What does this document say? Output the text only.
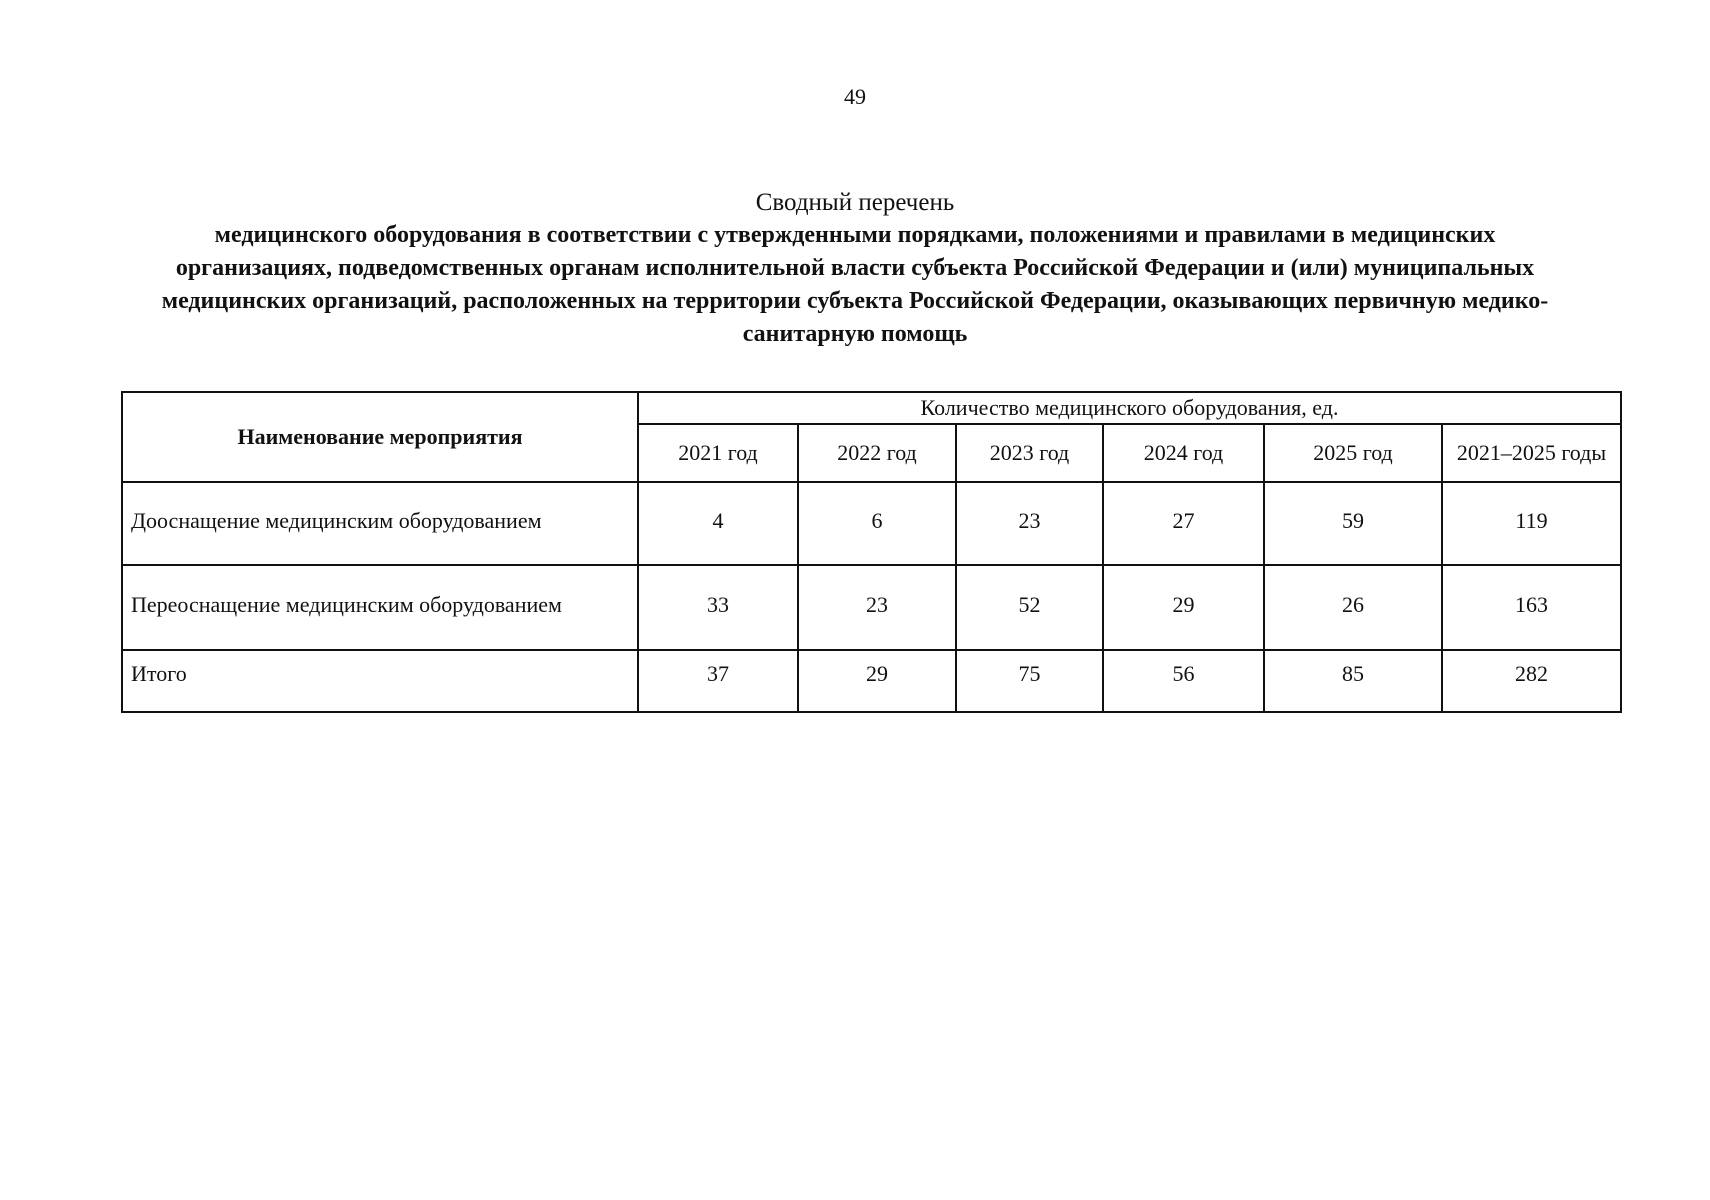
49
Сводный перечень
медицинского оборудования в соответствии с утвержденными порядками, положениями и правилами в медицинских организациях, подведомственных органам исполнительной власти субъекта Российской Федерации и (или) муниципальных медицинских организаций, расположенных на территории субъекта Российской Федерации, оказывающих первичную медико-санитарную помощь
Наименование мероприятия	Количество медицинского оборудования, ед.					
	2021 год	2022 год	2023 год	2024 год	2025 год	2021–2025 годы
Дооснащение медицинским оборудованием	4	6	23	27	59	119
Переоснащение медицинским оборудованием	33	23	52	29	26	163
Итого	37	29	75	56	85	282
